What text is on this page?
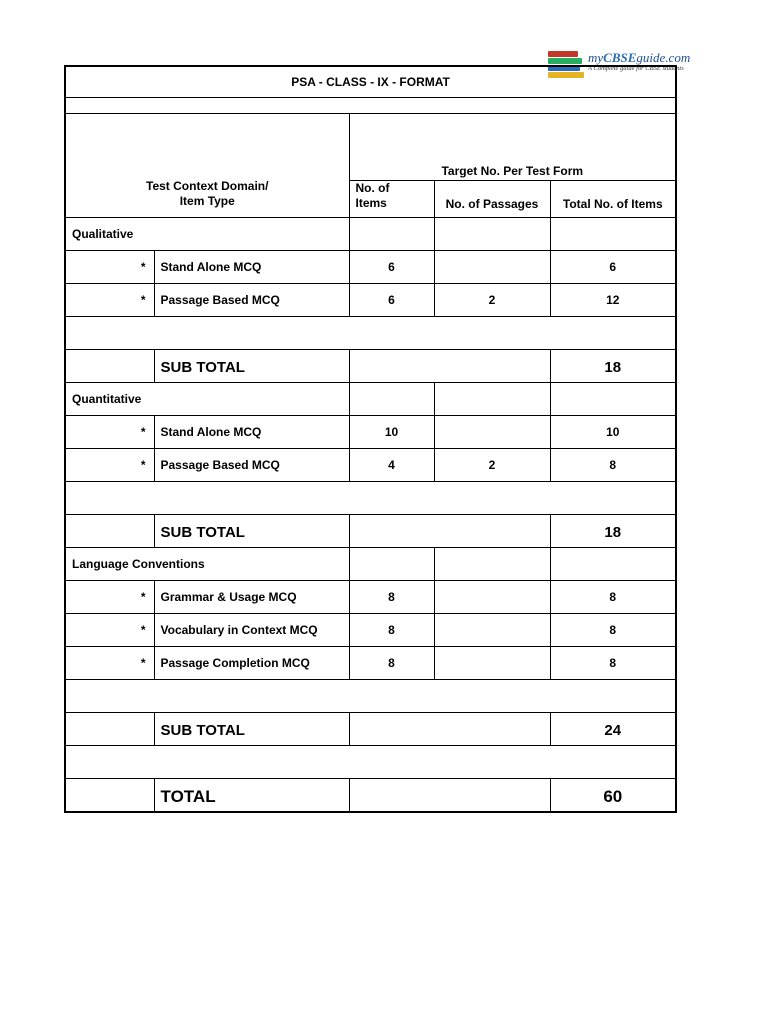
myCBSEguide.com
A Complete guide for CBSE students
PSA - CLASS - IX - FORMAT				

Test Context Domain/
Item Type		Target No. Per Test Form		

		No. of
Items	No. of Passages	Total No. of Items
Qualitative				
*	Stand Alone MCQ	6		6
*	Passage Based MCQ	6	2	12

	SUB TOTAL			18
Quantitative				
*	Stand Alone MCQ	10		10
*	Passage Based MCQ	4	2	8

	SUB TOTAL			18
Language Conventions				
*	Grammar & Usage MCQ	8		8
*	Vocabulary in Context MCQ	8		8
*	Passage Completion MCQ	8		8

	SUB TOTAL			24

	TOTAL			60
